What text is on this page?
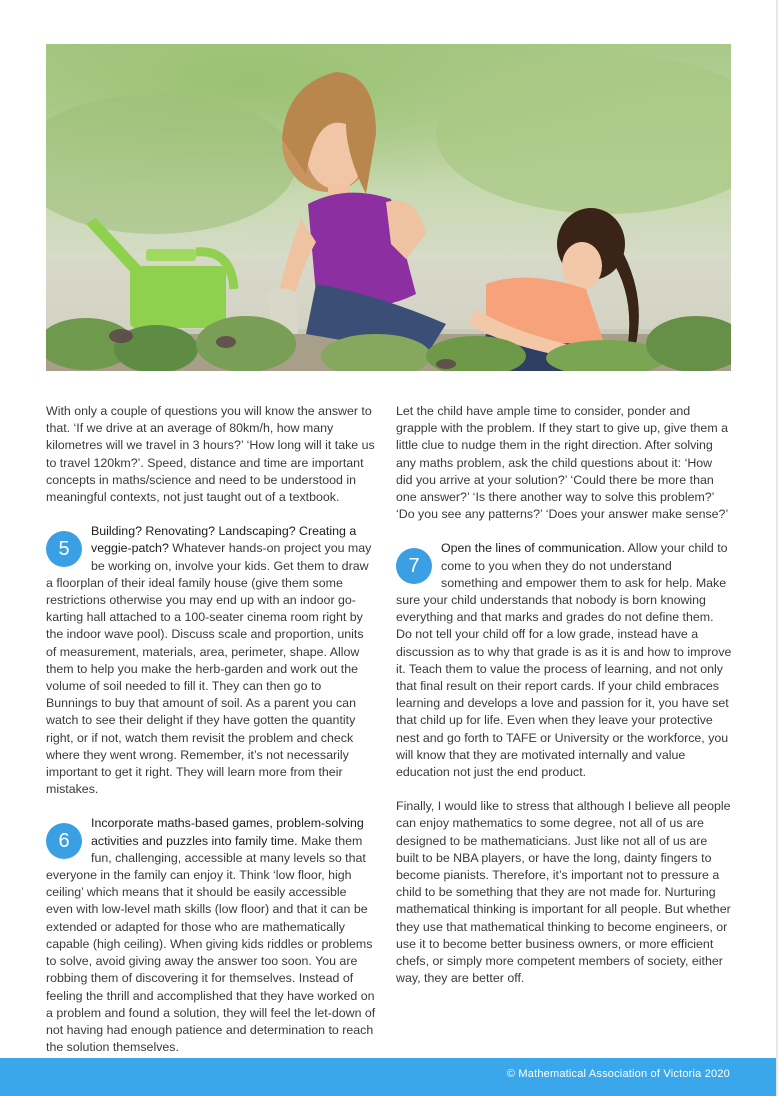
With only a couple of questions you will know the answer to that. ‘If we drive at an average of 80km/h, how many kilometres will we travel in 3 hours?’ ‘How long will it take us to travel 120km?’. Speed, distance and time are important concepts in maths/science and need to be understood in meaningful contexts, not just taught out of a textbook.

5
Building? Renovating? Landscaping? Creating a veggie-patch? Whatever hands-on project you may be working on, involve your kids. Get them to draw a floorplan of their ideal family house (give them some restrictions otherwise you may end up with an indoor go-karting hall attached to a 100-seater cinema room right by the indoor wave pool). Discuss scale and proportion, units of measurement, materials, area, perimeter, shape. Allow them to help you make the herb-garden and work out the volume of soil needed to fill it. They can then go to Bunnings to buy that amount of soil. As a parent you can watch to see their delight if they have gotten the quantity right, or if not, watch them revisit the problem and check where they went wrong. Remember, it’s not necessarily important to get it right. They will learn more from their mistakes.

6
Incorporate maths-based games, problem-solving activities and puzzles into family time. Make them fun, challenging, accessible at many levels so that everyone in the family can enjoy it. Think ‘low floor, high ceiling’ which means that it should be easily accessible even with low-level math skills (low floor) and that it can be extended or adapted for those who are mathematically capable (high ceiling). When giving kids riddles or problems to solve, avoid giving away the answer too soon. You are robbing them of discovering it for themselves. Instead of feeling the thrill and accomplished that they have worked on a problem and found a solution, they will feel the let-down of not having had enough patience and determination to reach the solution themselves.

Let the child have ample time to consider, ponder and grapple with the problem. If they start to give up, give them a little clue to nudge them in the right direction. After solving any maths problem, ask the child questions about it: ‘How did you arrive at your solution?’ ‘Could there be more than one answer?’ ‘Is there another way to solve this problem?’ ‘Do you see any patterns?’ ‘Does your answer make sense?’

7
Open the lines of communication. Allow your child to come to you when they do not understand something and empower them to ask for help. Make sure your child understands that nobody is born knowing everything and that marks and grades do not define them. Do not tell your child off for a low grade, instead have a discussion as to why that grade is as it is and how to improve it. Teach them to value the process of learning, and not only that final result on their report cards. If your child embraces learning and develops a love and passion for it, you have set that child up for life. Even when they leave your protective nest and go forth to TAFE or University or the workforce, you will know that they are motivated internally and value education not just the end product.

Finally, I would like to stress that although I believe all people can enjoy mathematics to some degree, not all of us are designed to be mathematicians. Just like not all of us are built to be NBA players, or have the long, dainty fingers to become pianists. Therefore, it’s important not to pressure a child to be something that they are not made for. Nurturing mathematical thinking is important for all people. But whether they use that mathematical thinking to become engineers, or use it to become better business owners, or more efficient chefs, or simply more competent members of society, either way, they are better off.

© Mathematical Association of Victoria 2020
